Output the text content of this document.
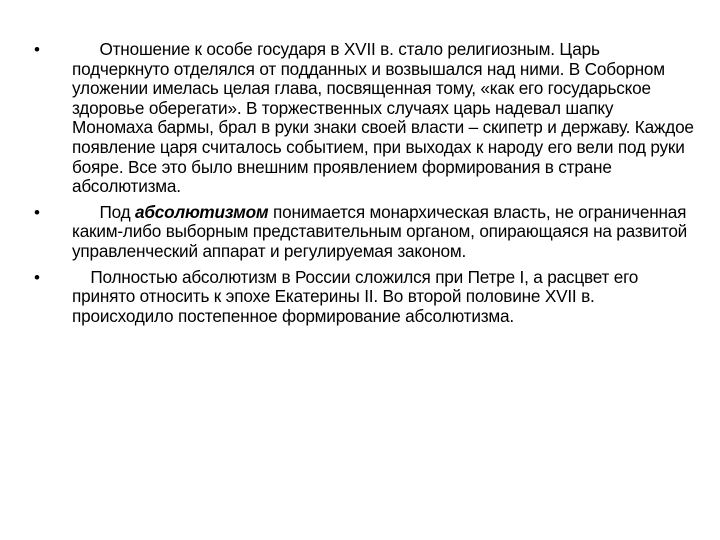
•	Отношение к особе государя в XVII в. стало религиозным. Царь подчеркнуто отделялся от подданных и возвышался над ними. В Соборном уложении имелась целая глава, посвященная тому, «как его государьское здоровье оберегати». В торжественных случаях царь надевал шапку Мономаха бармы, брал в руки знаки своей власти – скипетр и державу. Каждое появление царя считалось событием, при выходах к народу его вели под руки бояре. Все это было внешним проявлением формирования в стране абсолютизма.
•	Под абсолютизмом понимается монархическая власть, не ограниченная каким-либо выборным представительным органом, опирающаяся на развитой управленческий аппарат и регулируемая законом.
•	Полностью абсолютизм в России сложился при Петре I, а расцвет его принято относить к эпохе Екатерины II. Во второй половине XVII в. происходило постепенное формирование абсолютизма.
